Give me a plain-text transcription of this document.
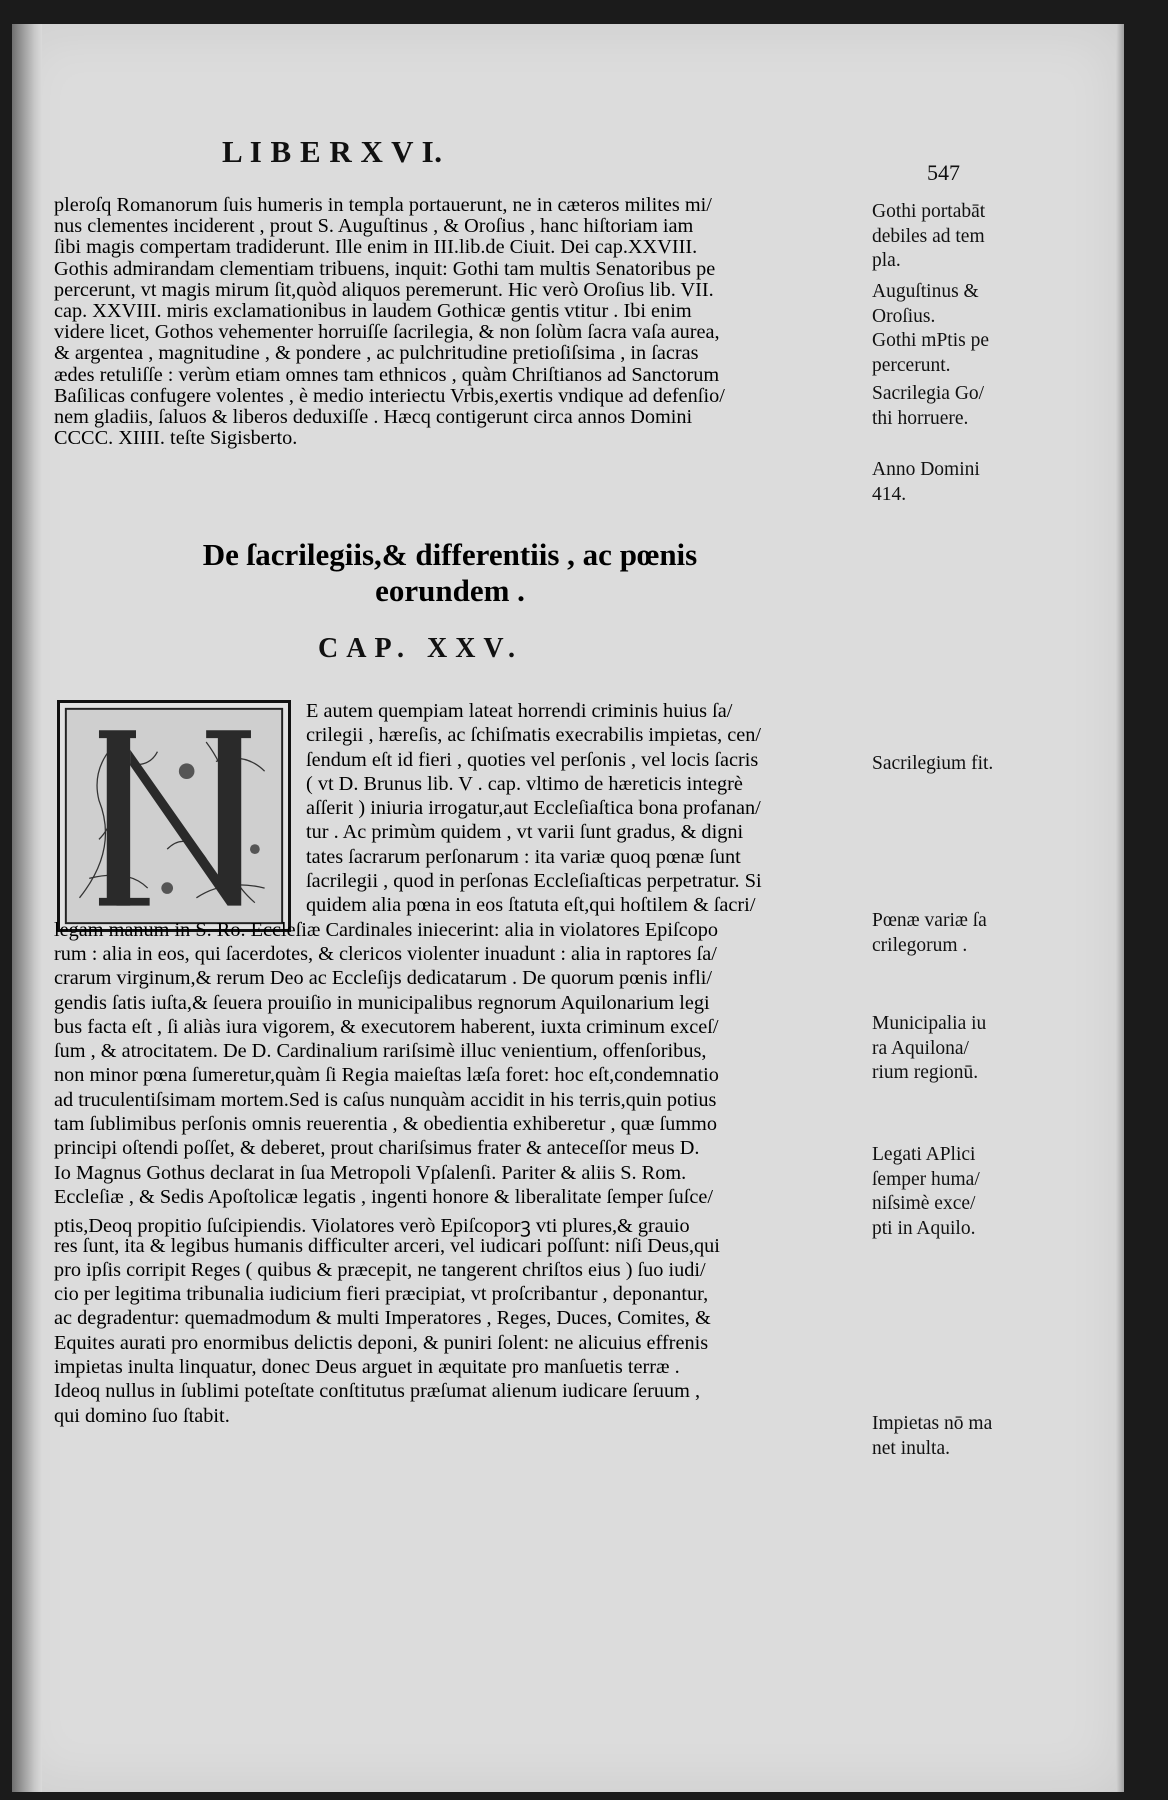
L I B E R X V I.
547
pleroſq Romanorum ſuis humeris in templa portauerunt, ne in cæteros milites mi/
nus clementes inciderent , prout S. Auguſtinus , & Oroſius , hanc hiſtoriam iam
ſibi magis compertam tradiderunt. Ille enim in III.lib.de Ciuit. Dei cap.XXVIII.
Gothis admirandam clementiam tribuens, inquit: Gothi tam multis Senatoribus pe
percerunt, vt magis mirum ſit,quòd aliquos peremerunt. Hic verò Oroſius lib. VII.
cap. XXVIII. miris exclamationibus in laudem Gothicæ gentis vtitur . Ibi enim
videre licet, Gothos vehementer horruiſſe ſacrilegia, & non ſolùm ſacra vaſa aurea,
& argentea , magnitudine , & pondere , ac pulchritudine pretioſiſsima , in ſacras
ædes retuliſſe : verùm etiam omnes tam ethnicos , quàm Chriſtianos ad Sanctorum
Baſilicas confugere volentes , è medio interiectu Vrbis,exertis vndique ad defenſio/
nem gladiis, ſaluos & liberos deduxiſſe . Hæcq contigerunt circa annos Domini
CCCC. XIIII. teſte Sigisberto.
Gothi portabāt
debiles ad tem
pla.
Auguſtinus &
Oroſius.
Gothi mPtis pe
percerunt.
Sacrilegia Go/
thi horruere.
Anno Domini
414.
De ſacrilegiis,& differentiis , ac pœnis
eorundem .
CAP. XXV.
E autem quempiam lateat horrendi criminis huius ſa/
crilegii , hæreſis, ac ſchiſmatis execrabilis impietas, cen/
ſendum eſt id fieri , quoties vel perſonis , vel locis ſacris
( vt D. Brunus lib. V . cap. vltimo de hæreticis integrè
aſſerit ) iniuria irrogatur,aut Eccleſiaſtica bona profanan/
tur . Ac primùm quidem , vt varii ſunt gradus, & digni
tates ſacrarum perſonarum : ita variæ quoq pœnæ ſunt
ſacrilegii , quod in perſonas Eccleſiaſticas perpetratur. Si
quidem alia pœna in eos ſtatuta eſt,qui hoſtilem & ſacri/
legam manum in S. Ro. Eccleſiæ Cardinales iniecerint: alia in violatores Epiſcopo
rum : alia in eos, qui ſacerdotes, & clericos violenter inuadunt : alia in raptores ſa/
crarum virginum,& rerum Deo ac Eccleſijs dedicatarum . De quorum pœnis infli/
gendis ſatis iuſta,& ſeuera prouiſio in municipalibus regnorum Aquilonarium legi
bus facta eſt , ſi aliàs iura vigorem, & executorem haberent, iuxta criminum exceſ/
ſum , & atrocitatem. De D. Cardinalium rariſsimè illuc venientium, offenſoribus,
non minor pœna ſumeretur,quàm ſi Regia maieſtas læſa foret: hoc eſt,condemnatio
ad truculentiſsimam mortem.Sed is caſus nunquàm accidit in his terris,quin potius
tam ſublimibus perſonis omnis reuerentia , & obedientia exhiberetur , quæ ſummo
principi oſtendi poſſet, & deberet, prout chariſsimus frater & anteceſſor meus D.
Io Magnus Gothus declarat in ſua Metropoli Vpſalenſi. Pariter & aliis S. Rom.
Eccleſiæ , & Sedis Apoſtolicæ legatis , ingenti honore & liberalitate ſemper ſuſce/
ptis,Deoq propitio ſuſcipiendis. Violatores verò Epiſcoporꝫ vti plures,& grauio
res ſunt, ita & legibus humanis difficulter arceri, vel iudicari poſſunt: niſi Deus,qui
pro ipſis corripit Reges ( quibus & præcepit, ne tangerent chriſtos eius ) ſuo iudi/
cio per legitima tribunalia iudicium fieri præcipiat, vt proſcribantur , deponantur,
ac degradentur: quemadmodum & multi Imperatores , Reges, Duces, Comites, &
Equites aurati pro enormibus delictis deponi, & puniri ſolent: ne alicuius effrenis
impietas inulta linquatur, donec Deus arguet in æquitate pro manſuetis terræ .
Ideoq nullus in ſublimi poteſtate conſtitutus præſumat alienum iudicare ſeruum ,
qui domino ſuo ſtabit.
Sacrilegium fit.
Pœnæ variæ ſa
crilegorum .
Municipalia iu
ra Aquilona/
rium regionū.
Legati APlici
ſemper huma/
niſsimè exce/
pti in Aquilo.
Impietas nō ma
net inulta.
